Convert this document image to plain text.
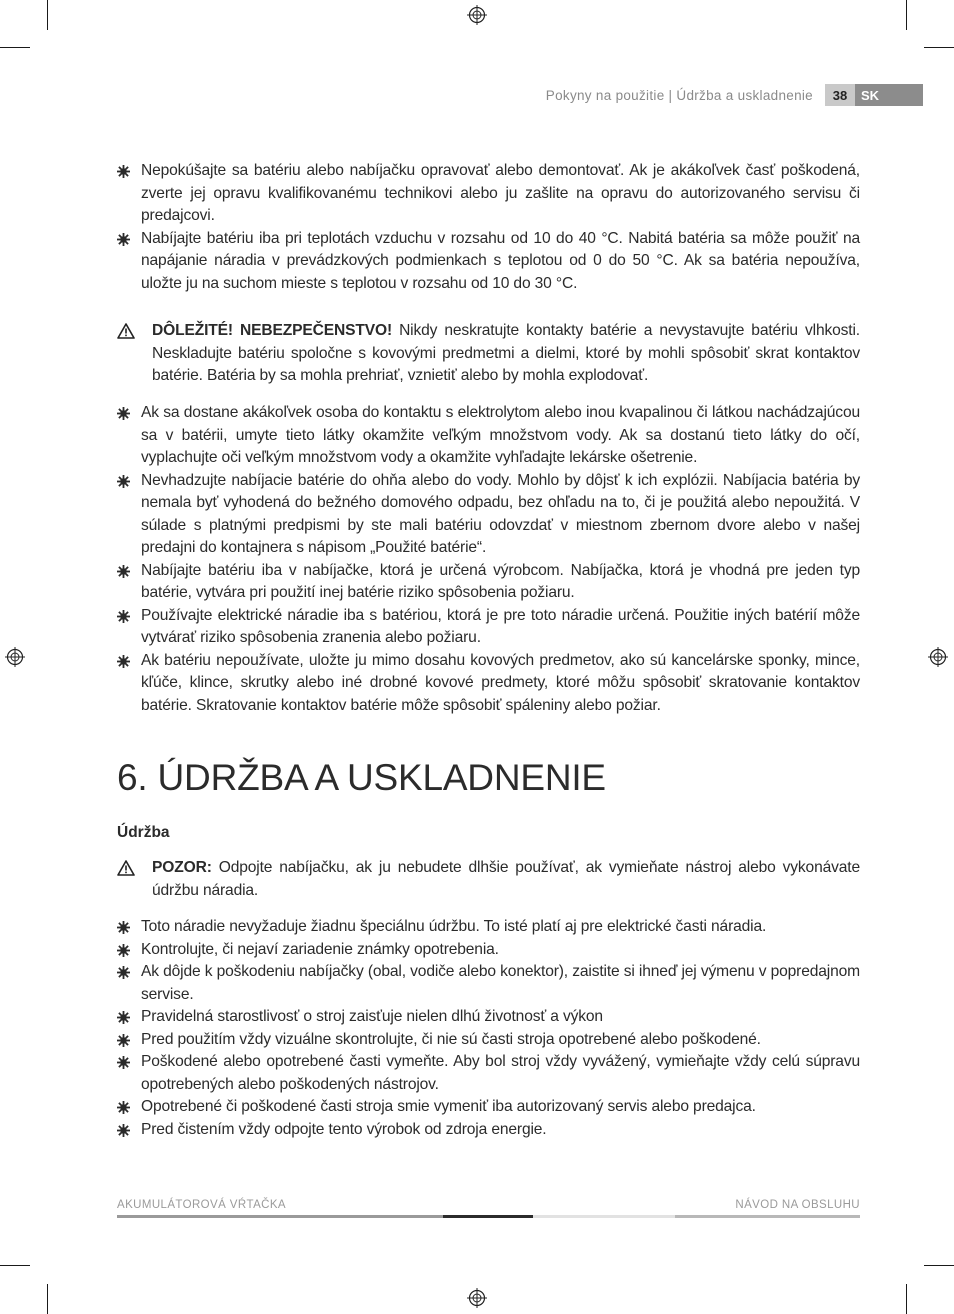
Pokyny na použitie | Údržba a uskladnenie	38	SK
Nepokúšajte sa batériu alebo nabíjačku opravovať alebo demontovať. Ak je akákoľvek časť poškodená, zverte jej opravu kvalifikovanému technikovi alebo ju zašlite na opravu do autorizovaného servisu či predajcovi.
Nabíjajte batériu iba pri teplotách vzduchu v rozsahu od 10 do 40 °C. Nabitá batéria sa môže použiť na napájanie náradia v prevádzkových podmienkach s teplotou od 0 do 50 °C. Ak sa batéria nepoužíva, uložte ju na suchom mieste s teplotou v rozsahu od 10 do 30 °C.
DÔLEŽITÉ! NEBEZPEČENSTVO! Nikdy neskratujte kontakty batérie a nevystavujte batériu vlhkosti. Neskladujte batériu spoločne s kovovými predmetmi a dielmi, ktoré by mohli spôsobiť skrat kontaktov batérie. Batéria by sa mohla prehriať, vznietiť alebo by mohla explodovať.
Ak sa dostane akákoľvek osoba do kontaktu s elektrolytom alebo inou kvapalinou či látkou nachádzajúcou sa v batérii, umyte tieto látky okamžite veľkým množstvom vody. Ak sa dostanú tieto látky do očí, vyplachujte oči veľkým množstvom vody a okamžite vyhľadajte lekárske ošetrenie.
Nevhadzujte nabíjacie batérie do ohňa alebo do vody. Mohlo by dôjsť k ich explózii. Nabíjacia batéria by nemala byť vyhodená do bežného domového odpadu, bez ohľadu na to, či je použitá alebo nepoužitá. V súlade s platnými predpismi by ste mali batériu odovzdať v miestnom zbernom dvore alebo v našej predajni do kontajnera s nápisom „Použité batérie“.
Nabíjajte batériu iba v nabíjačke, ktorá je určená výrobcom. Nabíjačka, ktorá je vhodná pre jeden typ batérie, vytvára pri použití inej batérie riziko spôsobenia požiaru.
Používajte elektrické náradie iba s batériou, ktorá je pre toto náradie určená. Použitie iných batérií môže vytvárať riziko spôsobenia zranenia alebo požiaru.
Ak batériu nepoužívate, uložte ju mimo dosahu kovových predmetov, ako sú kancelárske sponky, mince, kľúče, klince, skrutky alebo iné drobné kovové predmety, ktoré môžu spôsobiť skratovanie kontaktov batérie. Skratovanie kontaktov batérie môže spôsobiť spáleniny alebo požiar.
6. ÚDRŽBA A USKLADNENIE
Údržba
POZOR: Odpojte nabíjačku, ak ju nebudete dlhšie používať, ak vymieňate nástroj alebo vykonávate údržbu náradia.
Toto náradie nevyžaduje žiadnu špeciálnu údržbu. To isté platí aj pre elektrické časti náradia.
Kontrolujte, či nejaví zariadenie známky opotrebenia.
Ak dôjde k poškodeniu nabíjačky (obal, vodiče alebo konektor), zaistite si ihneď jej výmenu v popredajnom servise.
Pravidelná starostlivosť o stroj zaisťuje nielen dlhú životnosť a výkon
Pred použitím vždy vizuálne skontrolujte, či nie sú časti stroja opotrebené alebo poškodené.
Poškodené alebo opotrebené časti vymeňte. Aby bol stroj vždy vyvážený, vymieňajte vždy celú súpravu opotrebených alebo poškodených nástrojov.
Opotrebené či poškodené časti stroja smie vymeniť iba autorizovaný servis alebo predajca.
Pred čistením vždy odpojte tento výrobok od zdroja energie.
AKUMULÁTOROVÁ VŔTAČKA	NÁVOD NA OBSLUHU
